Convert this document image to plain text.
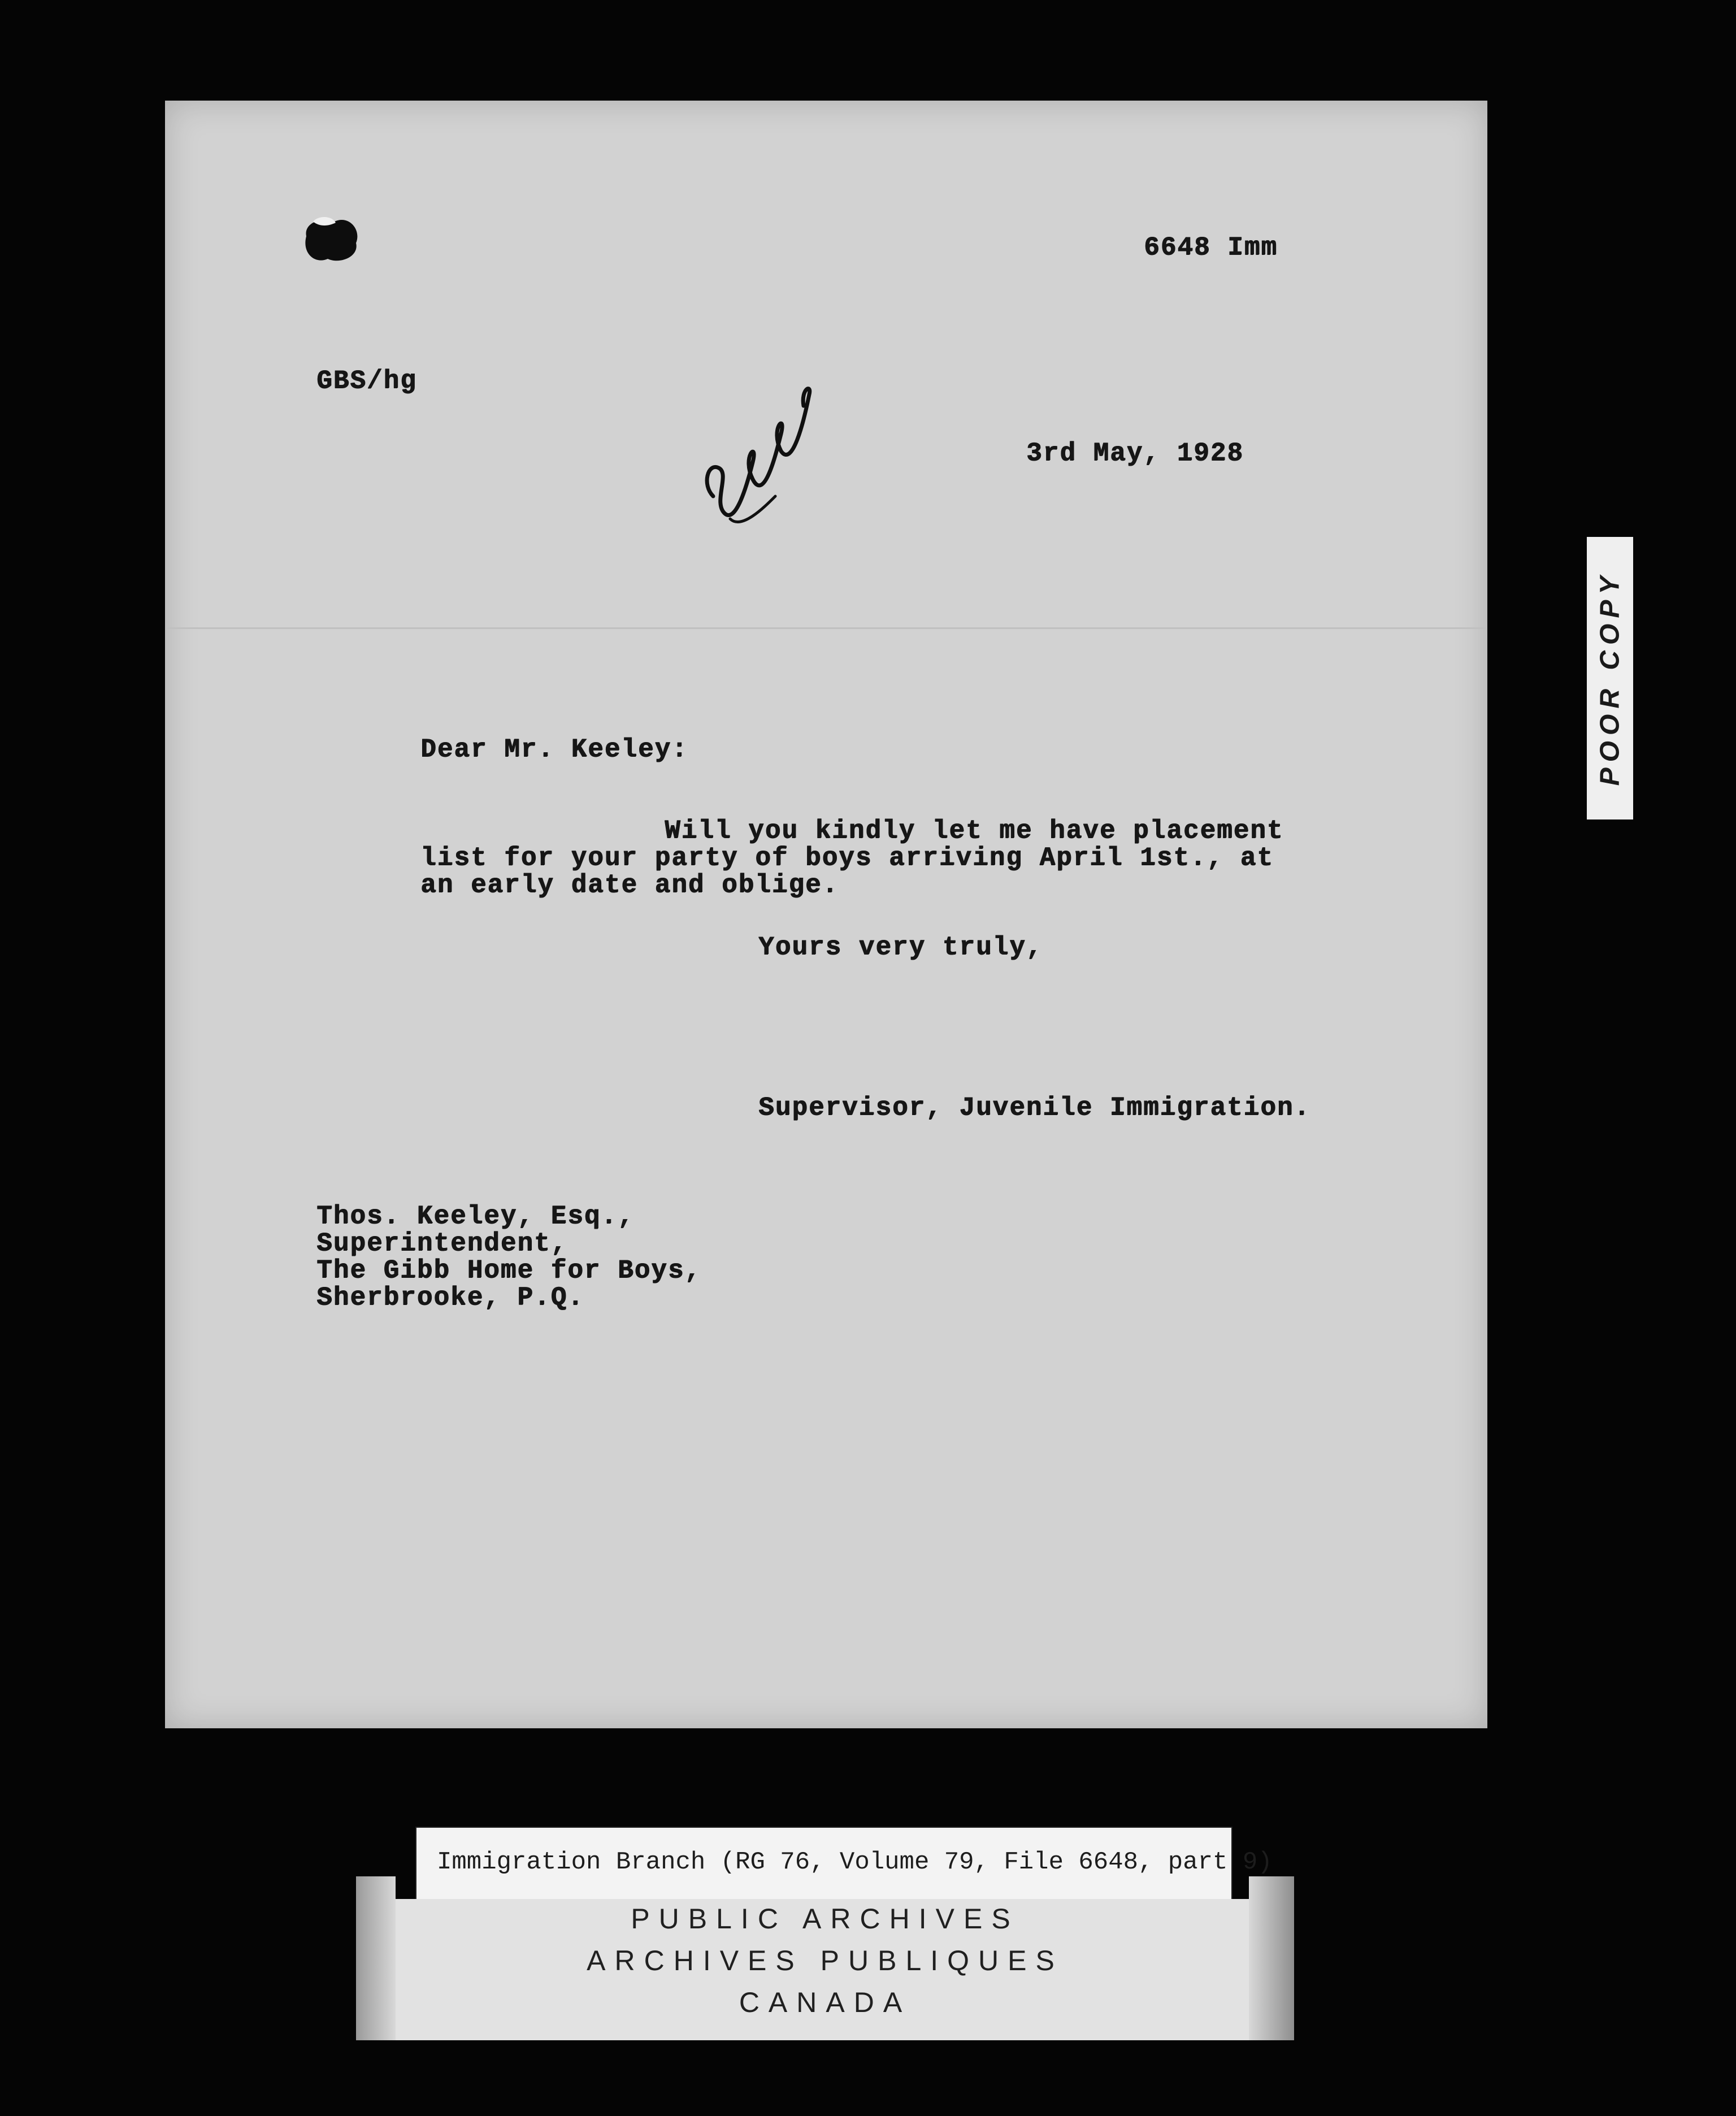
6648 Imm
GBS/hg
3rd May, 1928
Dear Mr. Keeley:
Will you kindly let me have placement
list for your party of boys arriving April 1st., at
an early date and oblige.
Yours very truly,
Supervisor, Juvenile Immigration.
Thos. Keeley, Esq.,
Superintendent,
The Gibb Home for Boys,
Sherbrooke, P.Q.
POOR COPY
Immigration Branch (RG 76, Volume 79, File 6648, part 9)
PUBLIC ARCHIVES
ARCHIVES PUBLIQUES
CANADA
